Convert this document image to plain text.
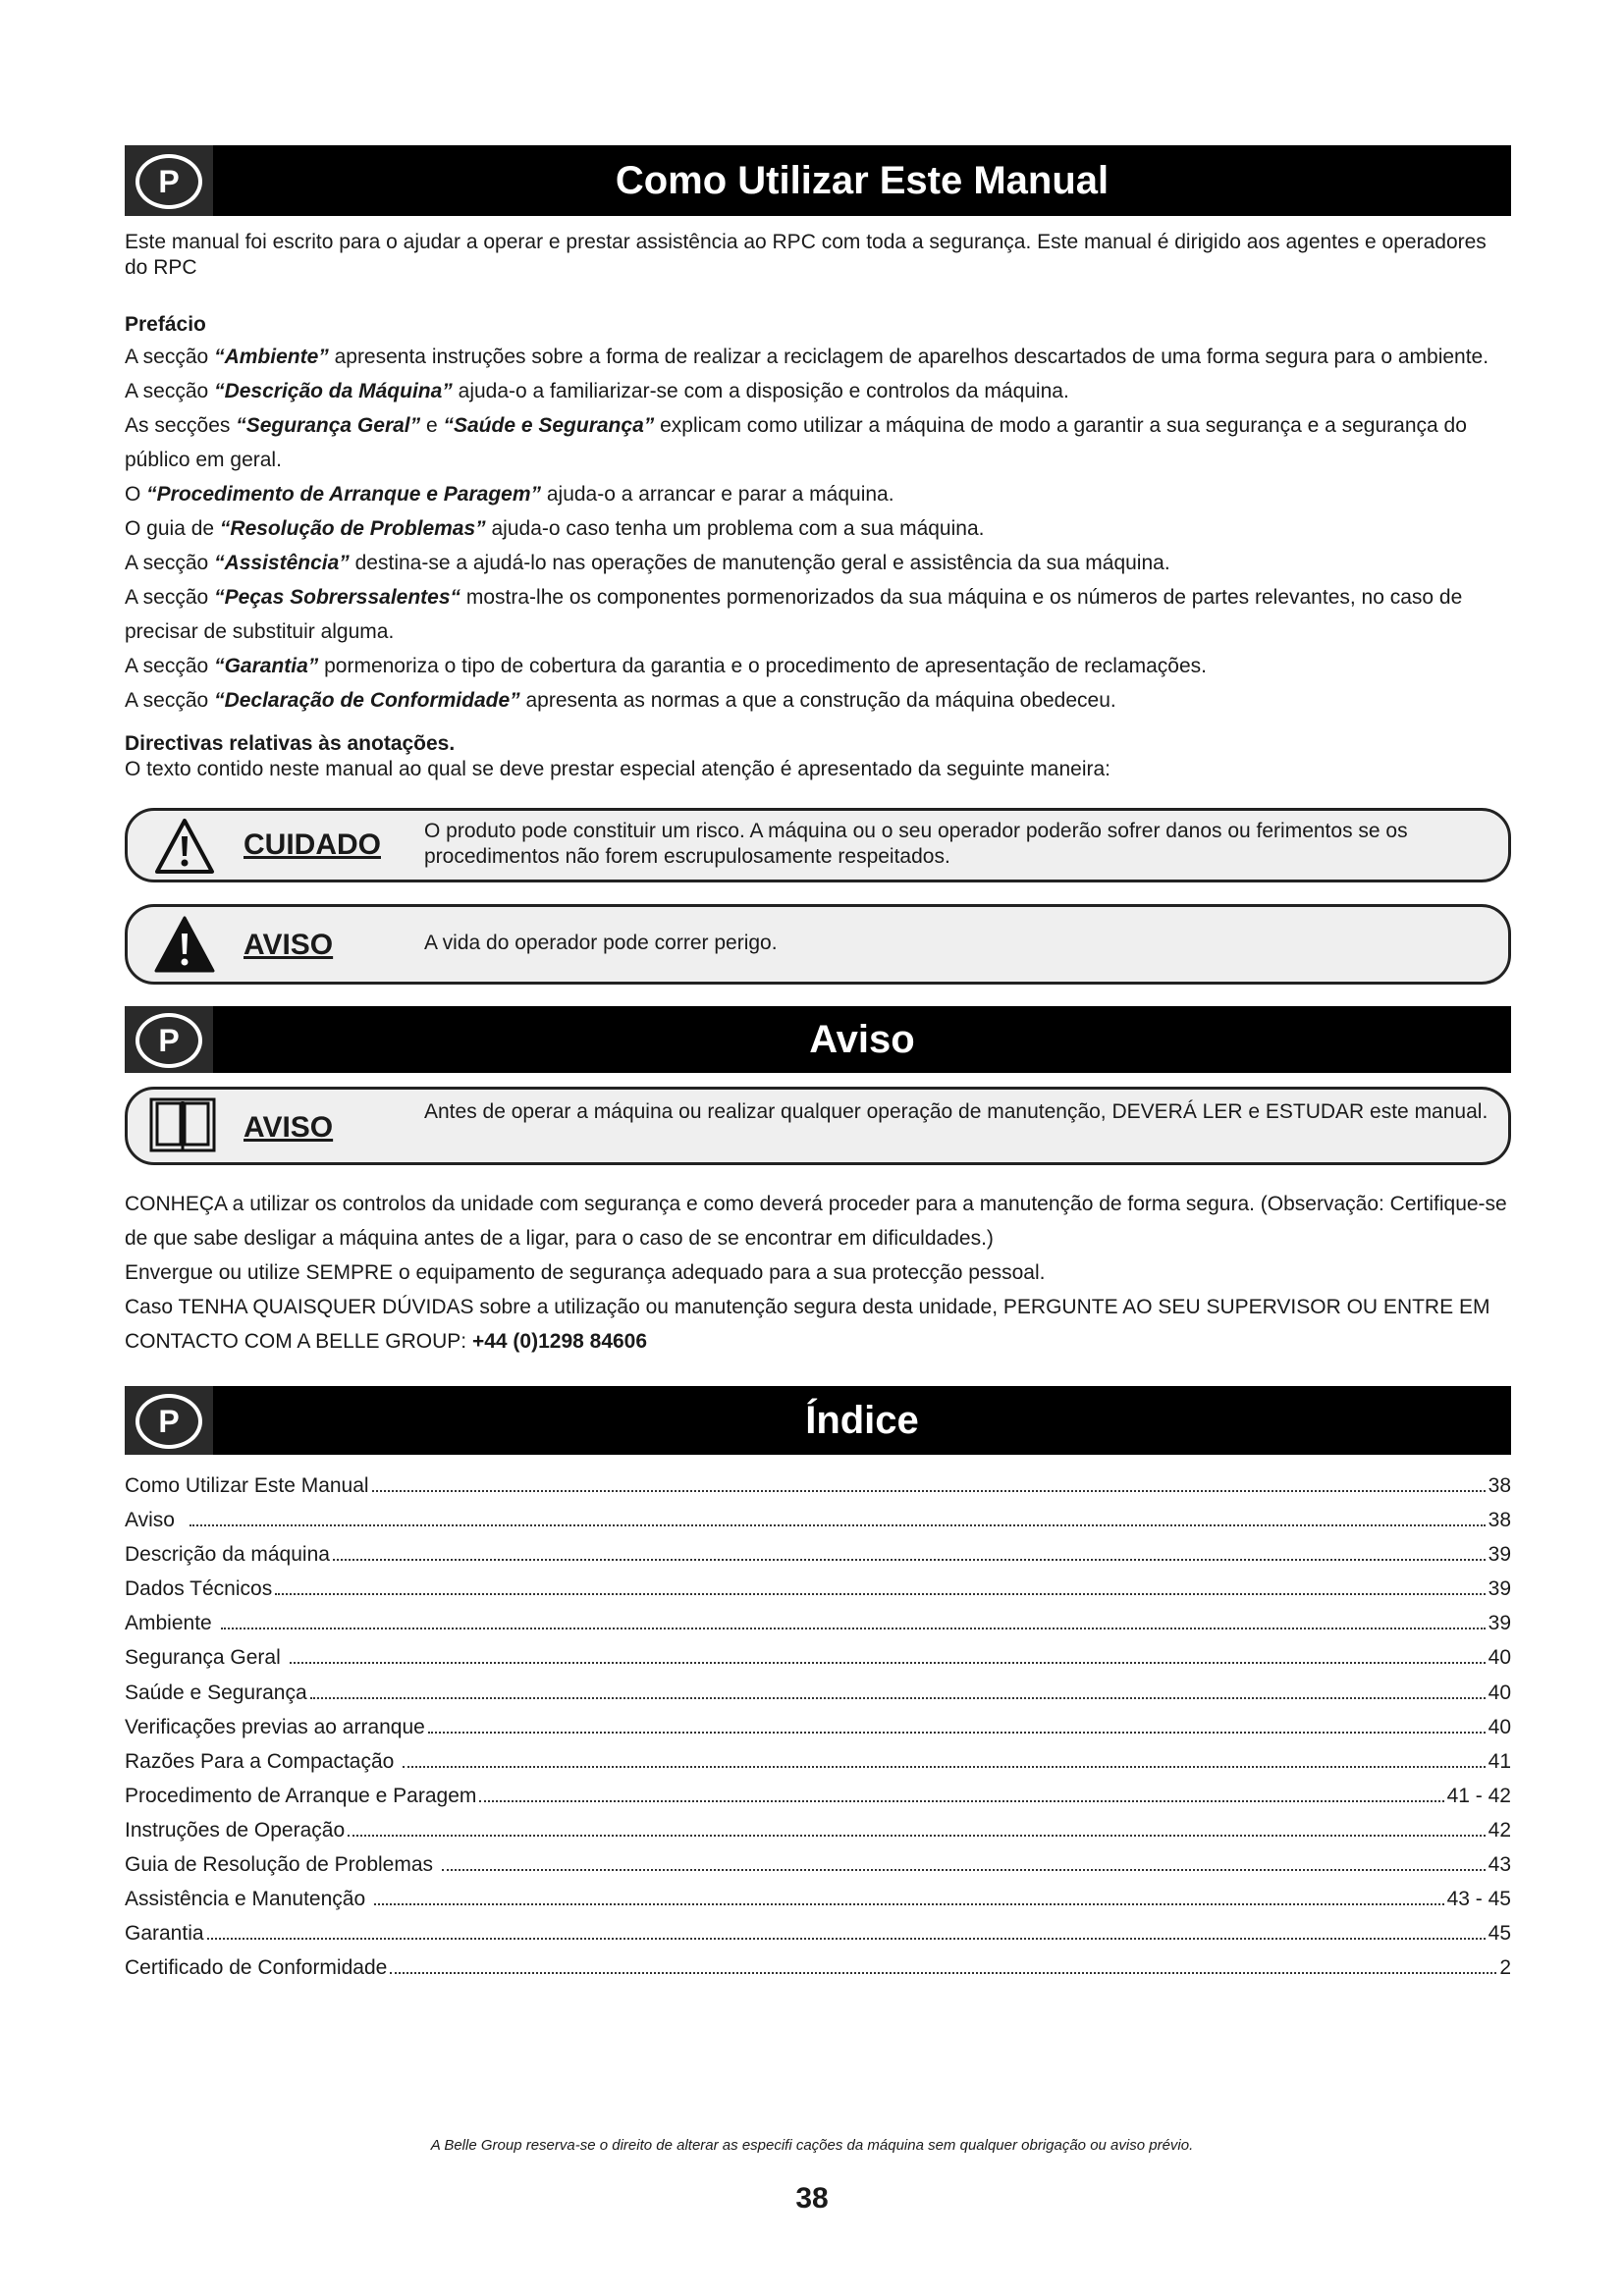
P	Como Utilizar Este Manual

Este manual foi escrito para o ajudar a operar e prestar assistência ao RPC com toda a segurança. Este manual é dirigido aos agentes e operadores do RPC

Prefácio

A secção “Ambiente” apresenta instruções sobre a forma de realizar a reciclagem de aparelhos descartados de uma forma segura para o ambiente.

A secção “Descrição da Máquina” ajuda-o a familiarizar-se com a disposição e controlos da máquina.

As secções “Segurança Geral” e “Saúde e Segurança” explicam como utilizar a máquina de modo a garantir a sua segurança e a segurança do público em geral.

O “Procedimento de Arranque e Paragem” ajuda-o a arrancar e parar a máquina.

O guia de “Resolução de Problemas” ajuda-o caso tenha um problema com a sua máquina.

A secção “Assistência” destina-se a ajudá-lo nas operações de manutenção geral e assistência da sua máquina.

A secção “Peças Sobrerssalentes“ mostra-lhe os componentes pormenorizados da sua máquina e os números de partes relevantes, no caso de precisar de substituir alguma.

A secção “Garantia” pormenoriza o tipo de cobertura da garantia e o procedimento de apresentação de reclamações.

A secção “Declaração de Conformidade” apresenta as normas a que a construção da máquina obedeceu.

Directivas relativas às anotações.

O texto contido neste manual ao qual se deve prestar especial atenção é apresentado da seguinte maneira:

CUIDADO O produto pode constituir um risco. A máquina ou o seu operador poderão sofrer danos ou ferimentos se os procedimentos não forem escrupulosamente respeitados.
AVISO	A vida do operador pode correr perigo.
P	Aviso
AVISO	Antes de operar a máquina ou realizar qualquer operação de manutenção, DEVERÁ LER e ESTUDAR este manual.

CONHEÇA a utilizar os controlos da unidade com segurança e como deverá proceder para a manutenção de forma segura. (Observação: Certifique-se de que sabe desligar a máquina antes de a ligar, para o caso de se encontrar em dificuldades.)

Envergue ou utilize SEMPRE o equipamento de segurança adequado para a sua protecção pessoal.

Caso TENHA QUAISQUER DÚVIDAS sobre a utilização ou manutenção segura desta unidade, PERGUNTE AO SEU SUPERVISOR OU ENTRE EM CONTACTO COM A BELLE GROUP: +44 (0)1298 84606

P	Índice
Como Utilizar Este Manual	38
Aviso	38
Descrição da máquina	39
Dados Técnicos	39
Ambiente	39
Segurança Geral	40
Saúde e Segurança	40
Verificações previas ao arranque	40
Razões Para a Compactação	41
Procedimento de Arranque e Paragem	41 - 42
Instruções de Operação	42
Guia de Resolução de Problemas	43
Assistência e Manutenção	43 - 45
Garantia	45
Certificado de Conformidade	2
A Belle Group reserva-se o direito de alterar as especifi cações da máquina sem qualquer obrigação ou aviso prévio.
38
